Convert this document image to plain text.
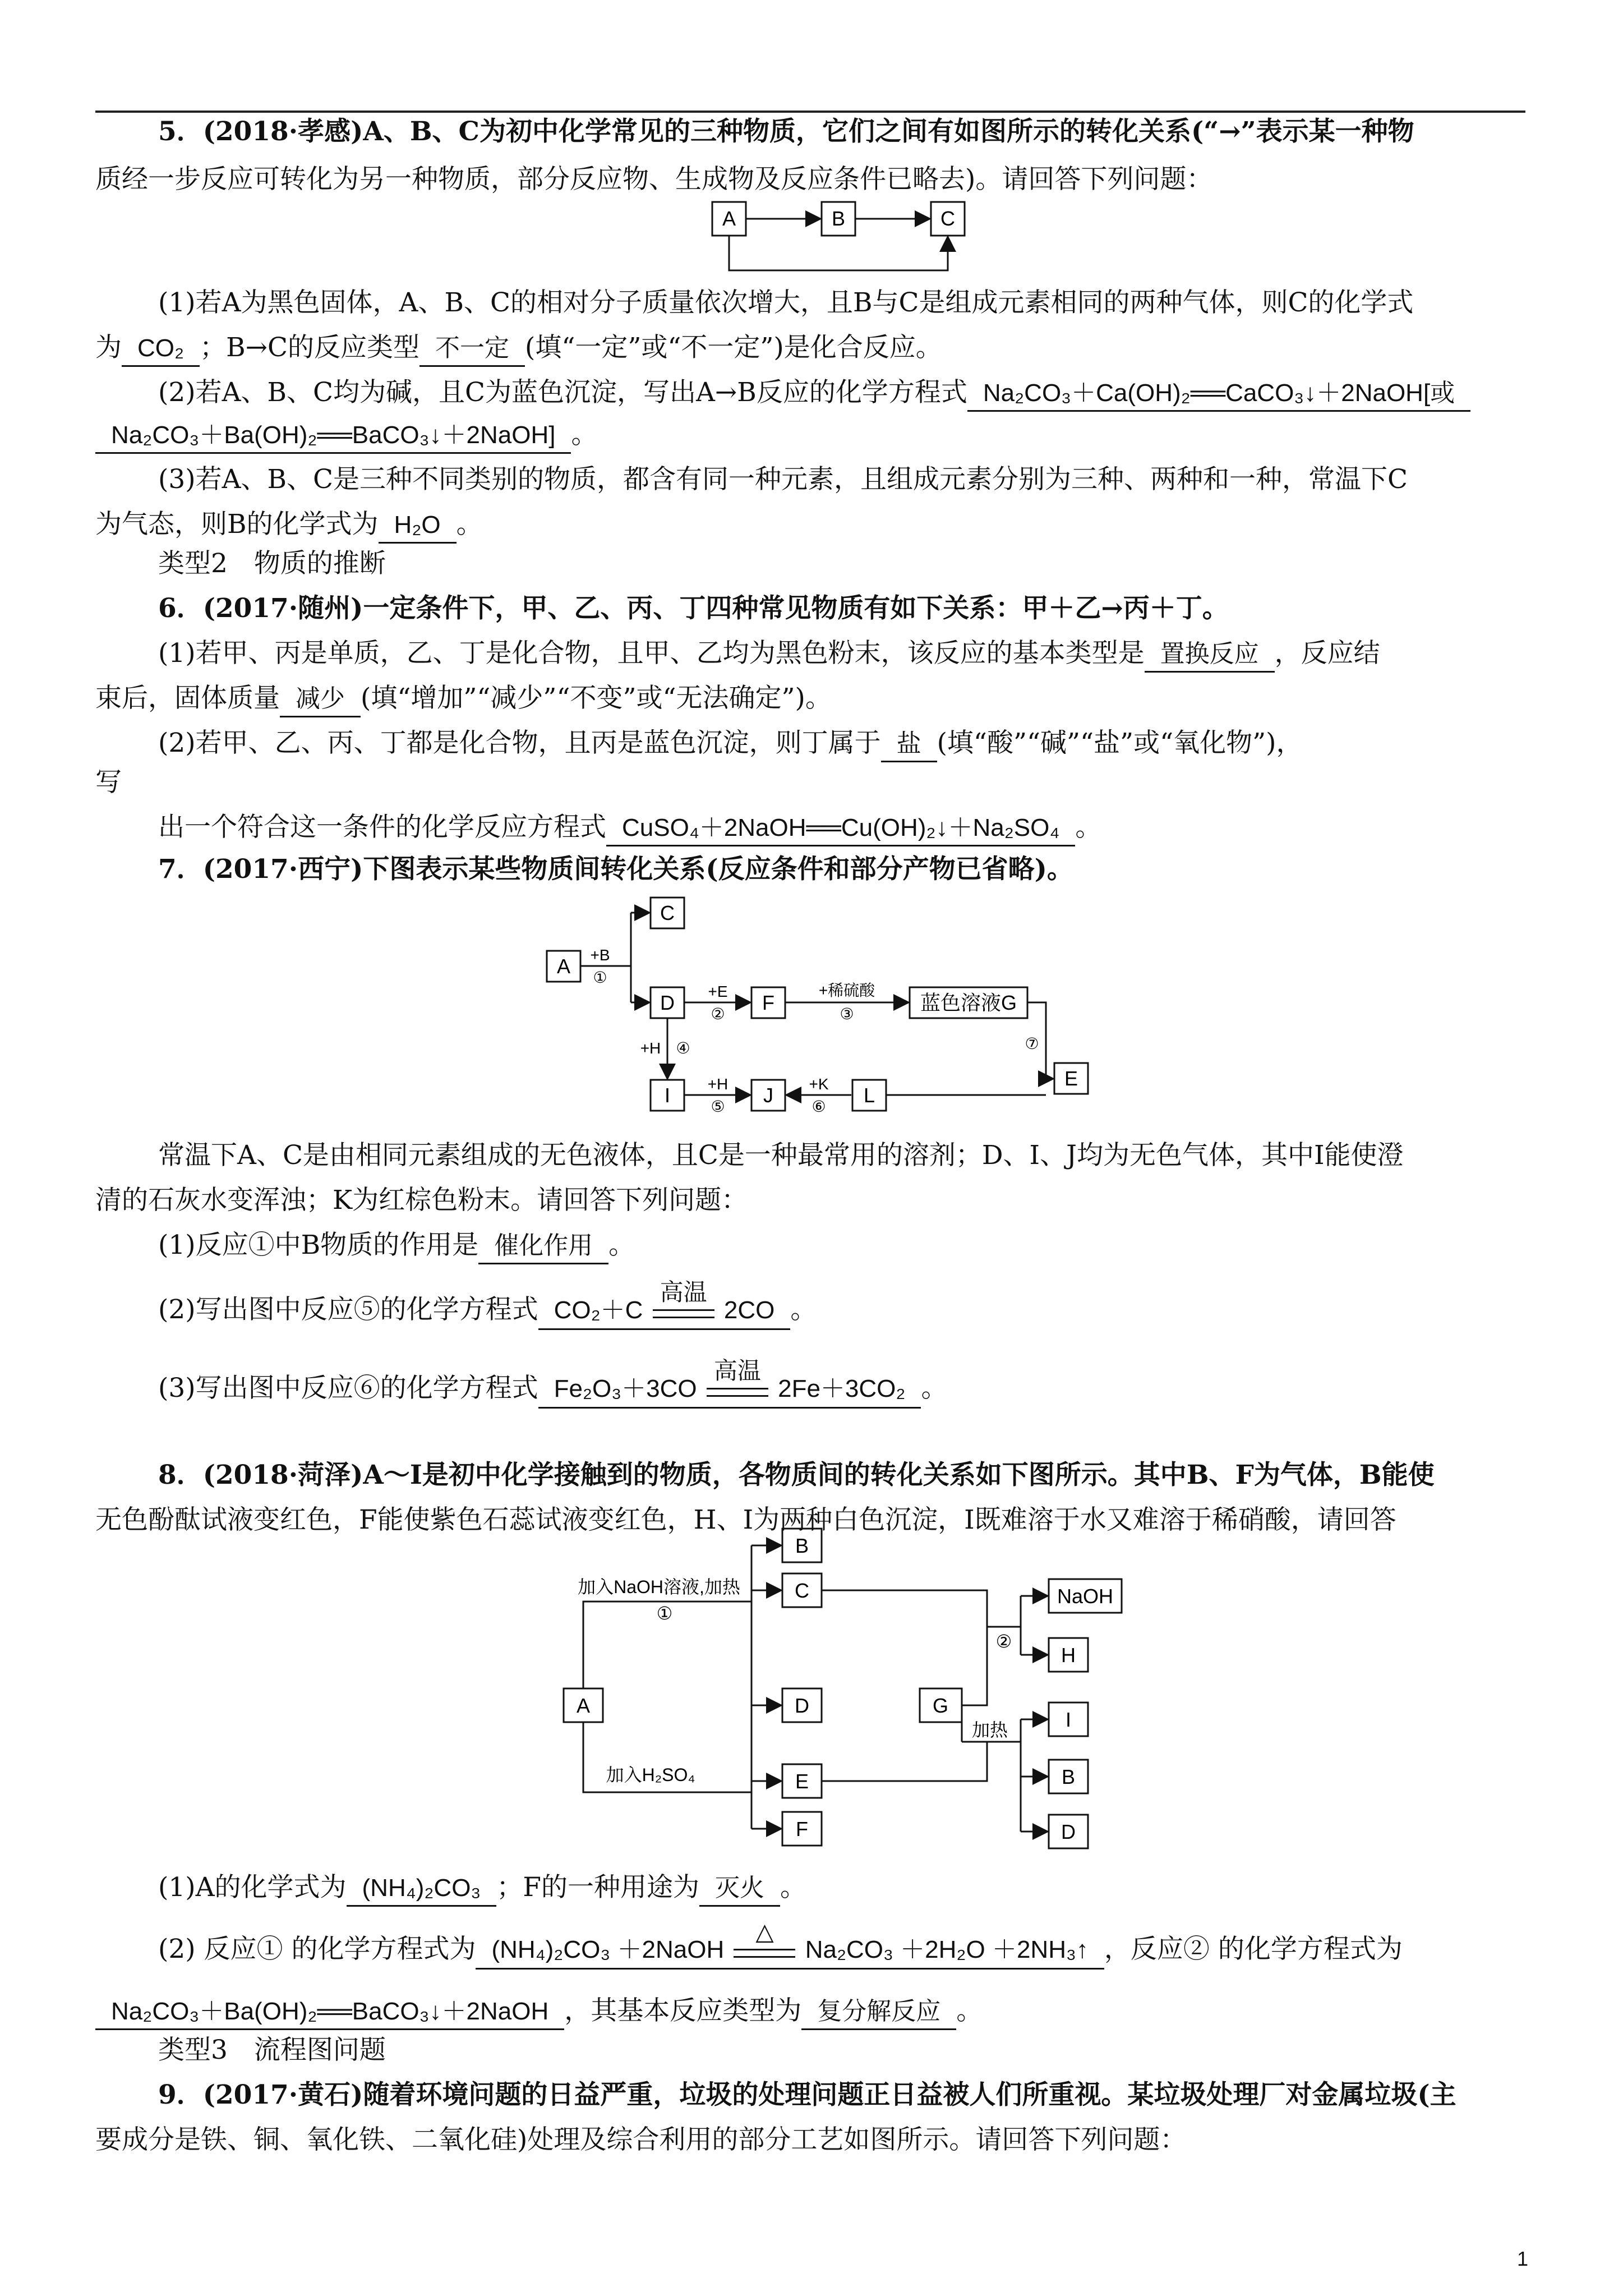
5．(2018·孝感)A、B、C为初中化学常见的三种物质，它们之间有如图所示的转化关系(“→”表示某一种物
质经一步反应可转化为另一种物质，部分反应物、生成物及反应条件已略去)。请回答下列问题：
A	B	C
(1)若A为黑色固体，A、B、C的相对分子质量依次增大，且B与C是组成元素相同的两种气体，则C的化学式
为 CO₂ ；B→C的反应类型 不一定 (填“一定”或“不一定”)是化合反应。
(2)若A、B、C均为碱，且C为蓝色沉淀，写出A→B反应的化学方程式 Na₂CO₃＋Ca(OH)₂══CaCO₃↓＋2NaOH[或
Na₂CO₃＋Ba(OH)₂══BaCO₃↓＋2NaOH] 。
(3)若A、B、C是三种不同类别的物质，都含有同一种元素，且组成元素分别为三种、两种和一种，常温下C
为气态，则B的化学式为 H₂O 。
类型2　物质的推断
6．(2017·随州)一定条件下，甲、乙、丙、丁四种常见物质有如下关系：甲＋乙→丙＋丁。
(1)若甲、丙是单质，乙、丁是化合物，且甲、乙均为黑色粉末，该反应的基本类型是 置换反应 ，反应结
束后，固体质量 减少 (填“增加”“减少”“不变”或“无法确定”)。
(2)若甲、乙、丙、丁都是化合物，且丙是蓝色沉淀，则丁属于 盐 (填“酸”“碱”“盐”或“氧化物”)，
写
出一个符合这一条件的化学反应方程式 CuSO₄＋2NaOH══Cu(OH)₂↓＋Na₂SO₄ 。
7．(2017·西宁)下图表示某些物质间转化关系(反应条件和部分产物已省略)。
A
C
D	F	蓝色溶液G
E
I	J	L
+B
①
+E
②
+稀硫酸
③
+H ④
+H
⑤
+K
⑥
⑦
常温下A、C是由相同元素组成的无色液体，且C是一种最常用的溶剂；D、I、J均为无色气体，其中I能使澄
清的石灰水变浑浊；K为红棕色粉末。请回答下列问题：
(1)反应①中B物质的作用是 催化作用 。
(2)写出图中反应⑤的化学方程式 CO₂＋C
高温
2CO 。
(3)写出图中反应⑥的化学方程式 Fe₂O₃＋3CO
高温
2Fe＋3CO₂ 。
8．(2018·菏泽)A～I是初中化学接触到的物质，各物质间的转化关系如下图所示。其中B、F为气体，B能使
无色酚酞试液变红色，F能使紫色石蕊试液变红色，H、I为两种白色沉淀，I既难溶于水又难溶于稀硝酸，请回答
A
B
C
D
E
F
G
NaOH
H
I
B
D
加入NaOH溶液,加热
①
加入H₂SO₄
②
加热
(1)A的化学式为 (NH₄)₂CO₃ ；F的一种用途为 灭火 。
(2) 反应① 的化学方程式为 (NH₄)₂CO₃ ＋2NaOH
△
Na₂CO₃ ＋2H₂O ＋2NH₃↑ ，反应② 的化学方程式为
Na₂CO₃＋Ba(OH)₂══BaCO₃↓＋2NaOH ，其基本反应类型为 复分解反应 。
类型3　流程图问题
9．(2017·黄石)随着环境问题的日益严重，垃圾的处理问题正日益被人们所重视。某垃圾处理厂对金属垃圾(主
要成分是铁、铜、氧化铁、二氧化硅)处理及综合利用的部分工艺如图所示。请回答下列问题：
1
